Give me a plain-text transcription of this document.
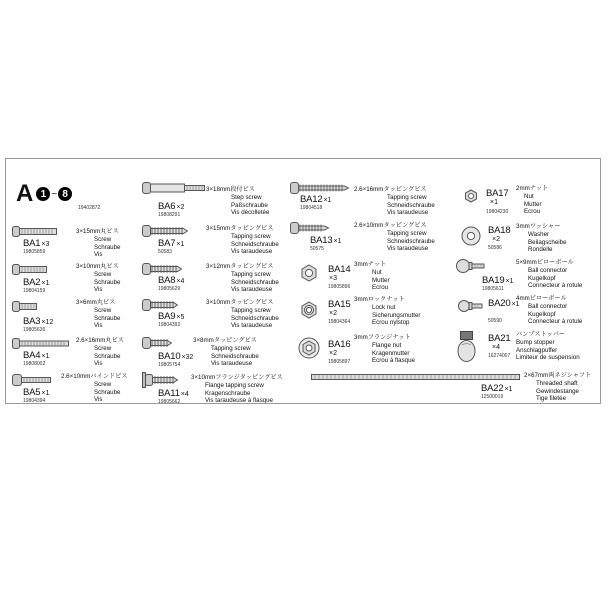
A 1 ~ 8
19402872
BA1×3
19805859
3×15mm丸ビス
Screw
Schraube
Vis
BA2×1
19804159
3×10mm丸ビス
Screw
Schraube
Vis
BA3×12
19805636
3×6mm丸ビス
Screw
Schraube
Vis
BA4×1
19808002
2.6×16mm丸ビス
Screw
Schraube
Vis
BA5×1
19804394
2.6×10mmバインドビス
Screw
Schraube
Vis
BA6×2
19808291
3×18mm段付ビス
Step screw
Paßschraube
Vis décolletée
BA7×1
50583
3×15mmタッピングビス
Tapping screw
Schneidschraube
Vis taraudeuse
BA8×4
19805629
3×12mmタッピングビス
Tapping screw
Schneidschraube
Vis taraudeuse
BA9×5
19804392
3×10mmタッピングビス
Tapping screw
Schneidschraube
Vis taraudeuse
BA10×32
19805754
3×8mmタッピングビス
Tapping screw
Schneidschraube
Vis taraudeuse
BA11×4
19805662
3×10mmフランジタッピングビス
Flange tapping screw
Kragenschraube
Vis taraudeuse à flasque
BA12×1
19804518
2.6×16mmタッピングビス
Tapping screw
Schneidschraube
Vis taraudeuse
BA13×1
50575
2.6×10mmタッピングビス
Tapping screw
Schneidschraube
Vis taraudeuse
BA14
×3
19805896
3mmナット
Nut
Mutter
Ecrou
BA15
×2
19804364
3mmロックナット
Lock nut
Sicherungsmutter
Ecrou nylstop
BA16
×2
19805897
3mmフランジナット
Flange nut
Kragenmutter
Ecrou à flasque
BA22×1
12500019
2×67mm両ネジシャフト
Threaded shaft
Gewindestange
Tige filetée
BA17
×1
19804230
2mmナット
Nut
Mutter
Ecrou
BA18
×2
50586
3mmワッシャー
Washer
Beilagscheibe
Rondelle
BA19×1
19805611
5×9mmピローボール
Ball connector
Kugelkopf
Connecteur à rotule
BA20×1
50590
4mmピローボール
Ball connector
Kugelkopf
Connecteur à rotule
BA21
×4
16274007
バンプストッパー
Bump stopper
Anschlagpuffer
Limiteur de suspension
